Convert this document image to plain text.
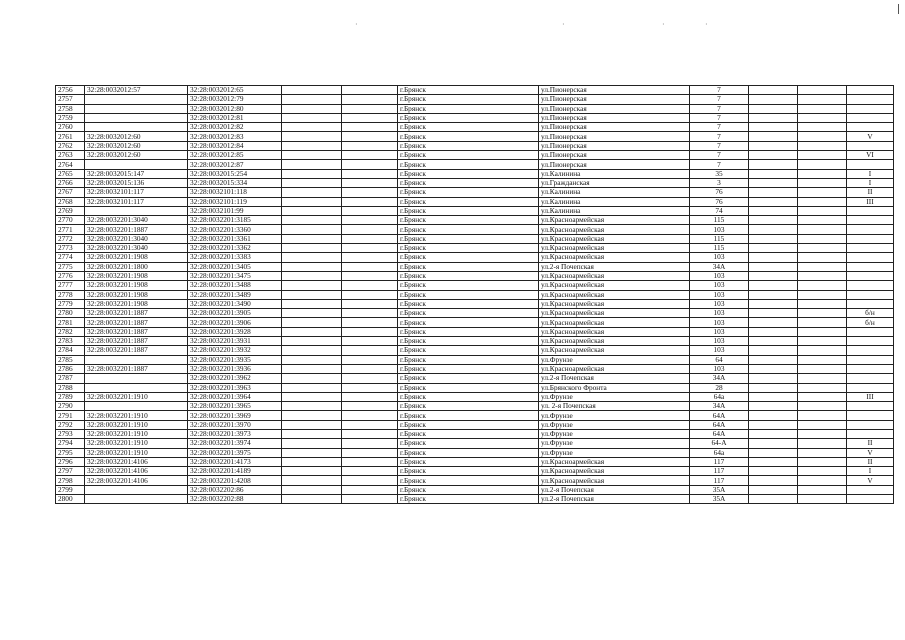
·	·	·	·
2756	32:28:0032012:57	32:28:0032012:65			г.Брянск	ул.Пионерская	7			
2757		32:28:0032012:79			г.Брянск	ул.Пионерская	7			
2758		32:28:0032012:80			г.Брянск	ул.Пионерская	7			
2759		32:28:0032012:81			г.Брянск	ул.Пионерская	7			
2760		32:28:0032012:82			г.Брянск	ул.Пионерская	7			
2761	32:28:0032012:60	32:28:0032012:83			г.Брянск	ул.Пионерская	7			V
2762	32:28:0032012:60	32:28:0032012:84			г.Брянск	ул.Пионерская	7			
2763	32:28:0032012:60	32:28:0032012:85			г.Брянск	ул.Пионерская	7			VI
2764		32:28:0032012:87			г.Брянск	ул.Пионерская	7			
2765	32:28:0032015:147	32:28:0032015:254			г.Брянск	ул.Калинина	35			I
2766	32:28:0032015:136	32:28:0032015:334			г.Брянск	ул.Гражданская	3			I
2767	32:28:0032101:117	32:28:0032101:118			г.Брянск	ул.Калинина	76			II
2768	32:28:0032101:117	32:28:0032101:119			г.Брянск	ул.Калинина	76			III
2769		32:28:0032101:99			г.Брянск	ул.Калинина	74			
2770	32:28:0032201:3040	32:28:0032201:3185			г.Брянск	ул.Красноармейская	115			
2771	32:28:0032201:1887	32:28:0032201:3360			г.Брянск	ул.Красноармейская	103			
2772	32:28:0032201:3040	32:28:0032201:3361			г.Брянск	ул.Красноармейская	115			
2773	32:28:0032201:3040	32:28:0032201:3362			г.Брянск	ул.Красноармейская	115			
2774	32:28:0032201:1908	32:28:0032201:3383			г.Брянск	ул.Красноармейская	103			
2775	32:28:0032201:1800	32:28:0032201:3405			г.Брянск	ул.2-я Почепская	34А			
2776	32:28:0032201:1908	32:28:0032201:3475			г.Брянск	ул.Красноармейская	103			
2777	32:28:0032201:1908	32:28:0032201:3488			г.Брянск	ул.Красноармейская	103			
2778	32:28:0032201:1908	32:28:0032201:3489			г.Брянск	ул.Красноармейская	103			
2779	32:28:0032201:1908	32:28:0032201:3490			г.Брянск	ул.Красноармейская	103			
2780	32:28:0032201:1887	32:28:0032201:3905			г.Брянск	ул.Красноармейская	103			б/н
2781	32:28:0032201:1887	32:28:0032201:3906			г.Брянск	ул.Красноармейская	103			б/н
2782	32:28:0032201:1887	32:28:0032201:3928			г.Брянск	ул.Красноармейская	103			
2783	32:28:0032201:1887	32:28:0032201:3931			г.Брянск	ул.Красноармейская	103			
2784	32:28:0032201:1887	32:28:0032201:3932			г.Брянск	ул.Красноармейская	103			
2785		32:28:0032201:3935			г.Брянск	ул.Фрунзе	64			
2786	32:28:0032201:1887	32:28:0032201:3936			г.Брянск	ул.Красноармейская	103			
2787		32:28:0032201:3962			г.Брянск	ул.2-я Почепская	34А			
2788		32:28:0032201:3963			г.Брянск	ул.Брянского Фронта	28			
2789	32:28:0032201:1910	32:28:0032201:3964			г.Брянск	ул.Фрунзе	64а			III
2790		32:28:0032201:3965			г.Брянск	ул. 2-я Почепская	34А			
2791	32:28:0032201:1910	32:28:0032201:3969			г.Брянск	ул.Фрунзе	64А			
2792	32:28:0032201:1910	32:28:0032201:3970			г.Брянск	ул.Фрунзе	64А			
2793	32:28:0032201:1910	32:28:0032201:3973			г.Брянск	ул.Фрунзе	64А			
2794	32:28:0032201:1910	32:28:0032201:3974			г.Брянск	ул.Фрунзе	64-А			II
2795	32:28:0032201:1910	32:28:0032201:3975			г.Брянск	ул.Фрунзе	64а			V
2796	32:28:0032201:4106	32:28:0032201:4173			г.Брянск	ул.Красноармейская	117			II
2797	32:28:0032201:4106	32:28:0032201:4189			г.Брянск	ул.Красноармейская	117			I
2798	32:28:0032201:4106	32:28:0032201:4208			г.Брянск	ул.Красноармейская	117			V
2799		32:28:0032202:86			г.Брянск	ул.2-я Почепская	35А			
2800		32:28:0032202:88			г.Брянск	ул.2-я Почепская	35А			
